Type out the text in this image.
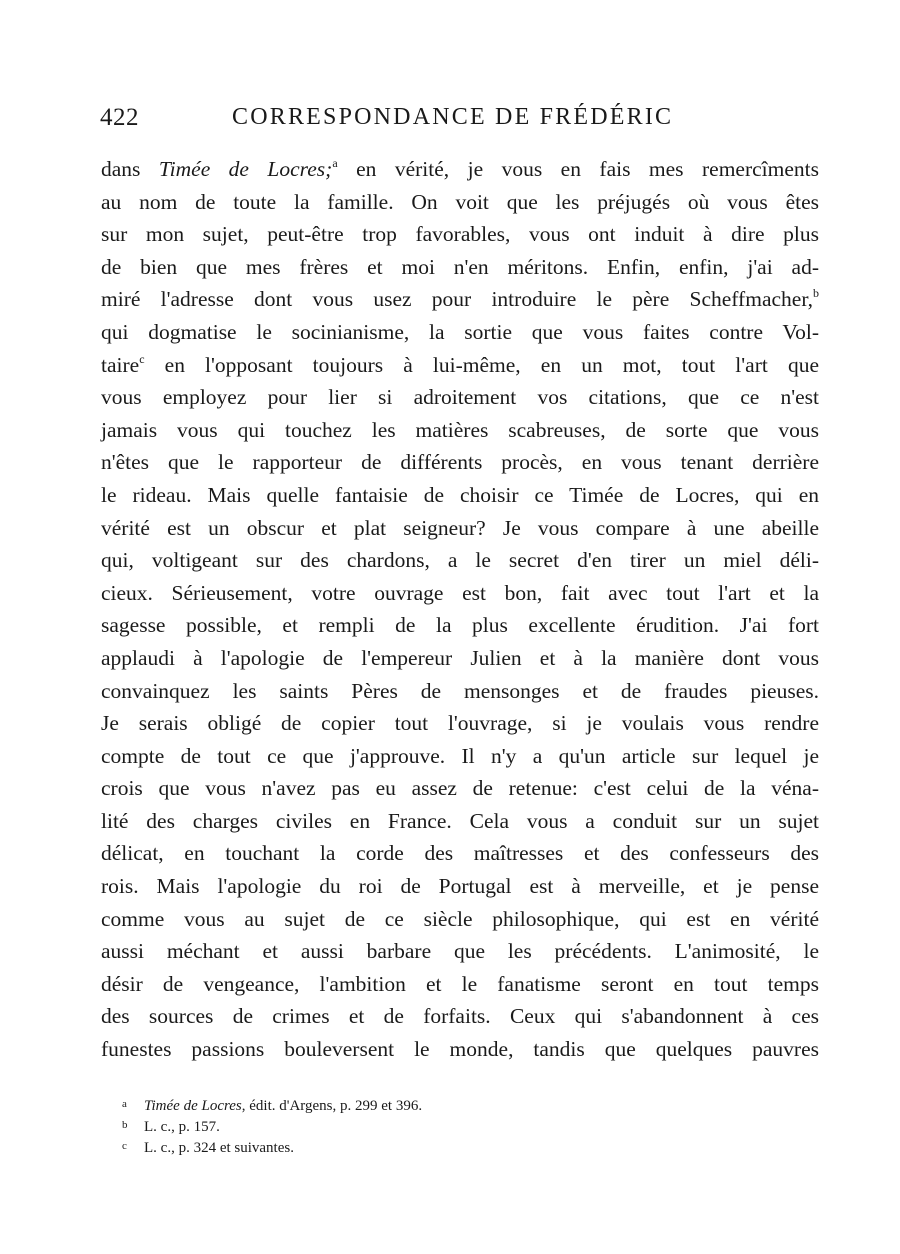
422	CORRESPONDANCE DE FRÉDÉRIC
dans Timée de Locres;$^a$ en vérité, je vous en fais mes remercîments
au nom de toute la famille. On voit que les préjugés où vous êtes
sur mon sujet, peut-être trop favorables, vous ont induit à dire plus
de bien que mes frères et moi n'en méritons. Enfin, enfin, j'ai ad-
miré l'adresse dont vous usez pour introduire le père Scheffmacher,$^b$
qui dogmatise le socinianisme, la sortie que vous faites contre Vol-
taire$^c$ en l'opposant toujours à lui-même, en un mot, tout l'art que
vous employez pour lier si adroitement vos citations, que ce n'est
jamais vous qui touchez les matières scabreuses, de sorte que vous
n'êtes que le rapporteur de différents procès, en vous tenant derrière
le rideau. Mais quelle fantaisie de choisir ce Timée de Locres, qui en
vérité est un obscur et plat seigneur? Je vous compare à une abeille
qui, voltigeant sur des chardons, a le secret d'en tirer un miel déli-
cieux. Sérieusement, votre ouvrage est bon, fait avec tout l'art et la
sagesse possible, et rempli de la plus excellente érudition. J'ai fort
applaudi à l'apologie de l'empereur Julien et à la manière dont vous
convainquez les saints Pères de mensonges et de fraudes pieuses.
Je serais obligé de copier tout l'ouvrage, si je voulais vous rendre
compte de tout ce que j'approuve. Il n'y a qu'un article sur lequel je
crois que vous n'avez pas eu assez de retenue: c'est celui de la véna-
lité des charges civiles en France. Cela vous a conduit sur un sujet
délicat, en touchant la corde des maîtresses et des confesseurs des
rois. Mais l'apologie du roi de Portugal est à merveille, et je pense
comme vous au sujet de ce siècle philosophique, qui est en vérité
aussi méchant et aussi barbare que les précédents. L'animosité, le
désir de vengeance, l'ambition et le fanatisme seront en tout temps
des sources de crimes et de forfaits. Ceux qui s'abandonnent à ces
funestes passions bouleversent le monde, tandis que quelques pauvres
a Timée de Locres, édit. d'Argens, p. 299 et 396.
b L. c., p. 157.
c L. c., p. 324 et suivantes.
